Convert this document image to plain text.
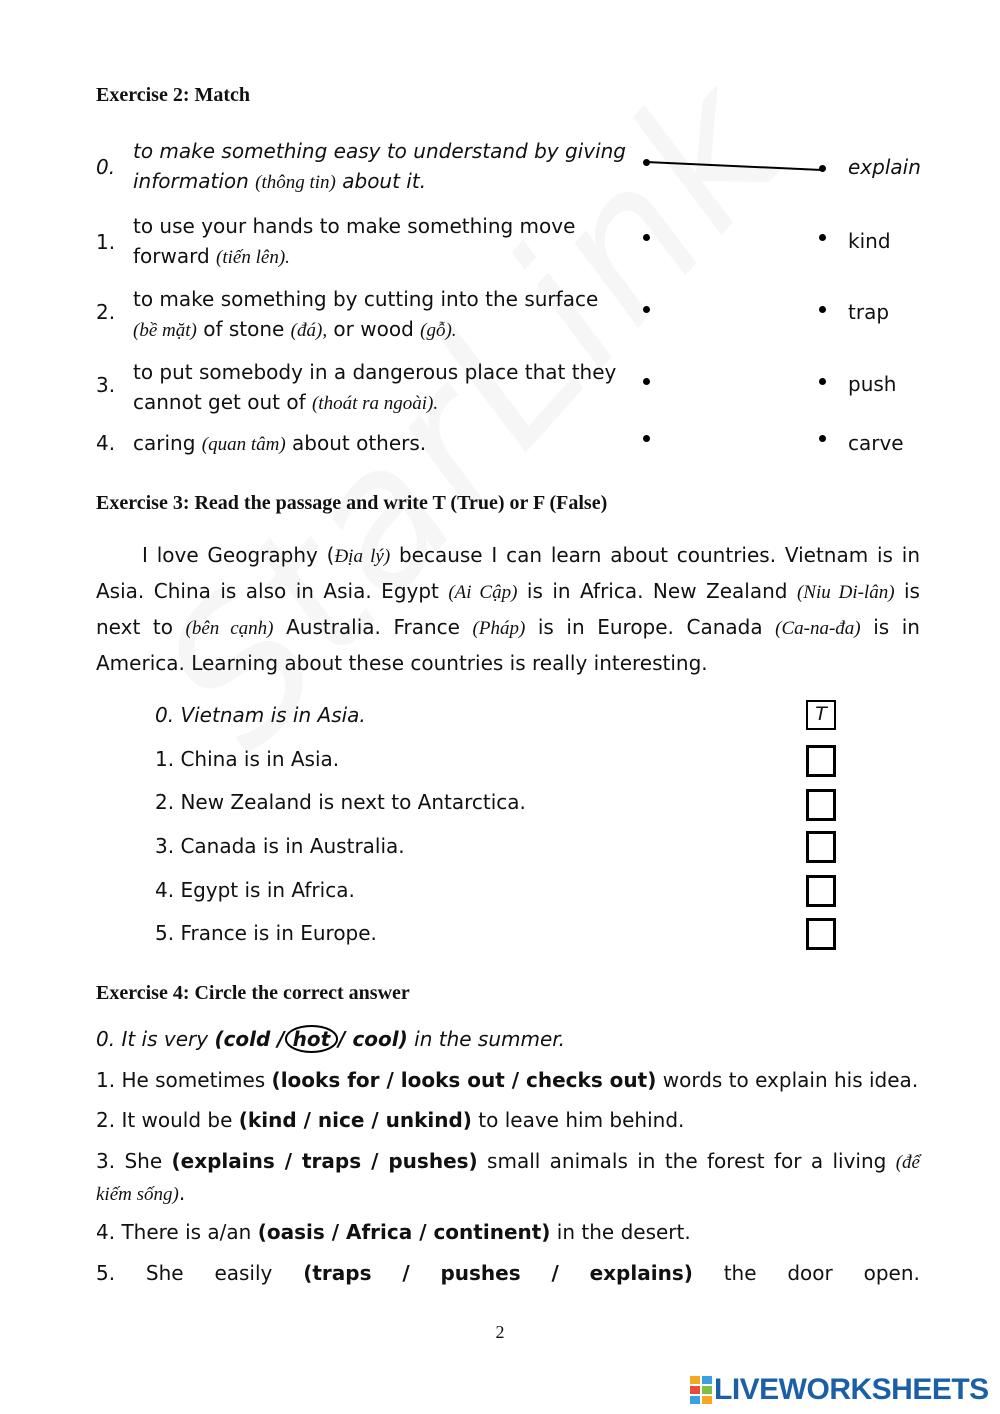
Exercise 2: Match
0.
to make something easy to understand by giving
information (thông tin) about it.
1.
to use your hands to make something move
forward (tiến lên).
2.
to make something by cutting into the surface
(bề mặt) of stone (đá), or wood (gỗ).
3.
to put somebody in a dangerous place that they
cannot get out of (thoát ra ngoài).
4. caring (quan tâm) about others.
explain
kind
trap
push
carve
Exercise 3: Read the passage and write T (True) or F (False)
I love Geography (Địa lý) because I can learn about countries. Vietnam is in
Asia. China is also in Asia. Egypt (Ai Cập) is in Africa. New Zealand (Niu Di-lân) is
next to (bên cạnh) Australia. France (Pháp) is in Europe. Canada (Ca-na-đa) is in
America. Learning about these countries is really interesting.
0. Vietnam is in Asia.
1. China is in Asia.
2. New Zealand is next to Antarctica.
3. Canada is in Australia.
4. Egypt is in Africa.
5. France is in Europe.
T
Exercise 4: Circle the correct answer
0. It is very (cold / hot / cool) in the summer.
1. He sometimes (looks for / looks out / checks out) words to explain his idea.
2. It would be (kind / nice / unkind) to leave him behind.
3. She (explains / traps / pushes) small animals in the forest for a living (để
kiếm sống).
4. There is a/an (oasis / Africa / continent) in the desert.
5. She easily (traps / pushes / explains) the door open.
2
LIVEWORKSHEETS
